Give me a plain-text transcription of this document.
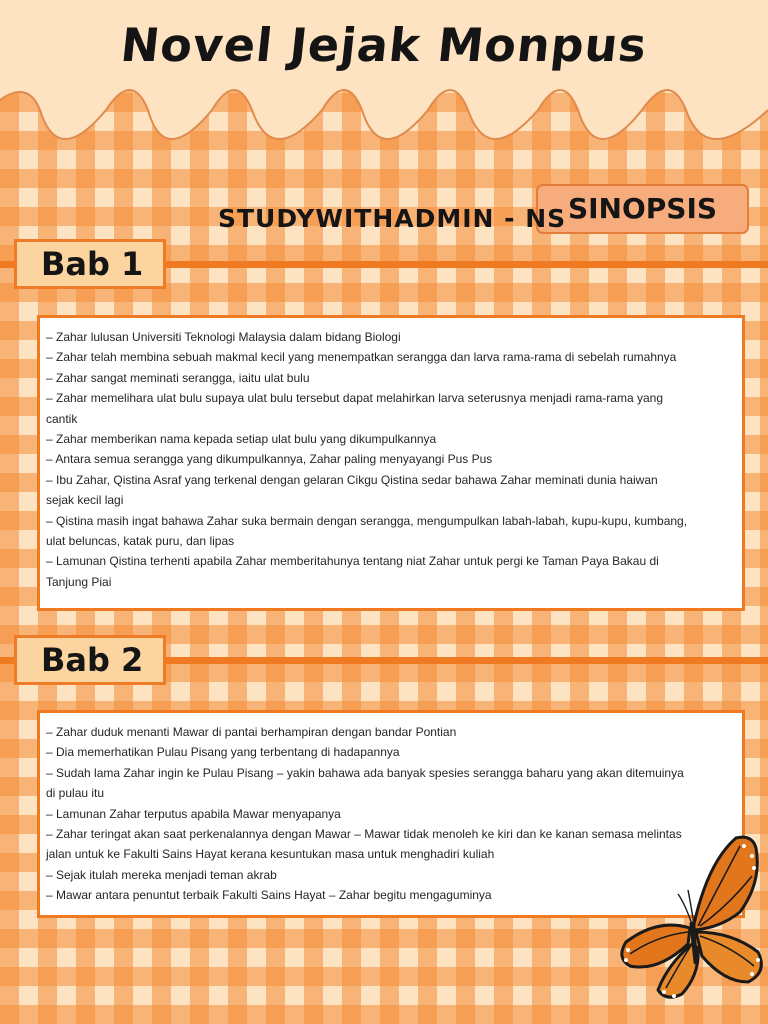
Novel Jejak Monpus
SINOPSIS
STUDYWITHADMIN - NS
Bab 1

– Zahar lulusan Universiti Teknologi Malaysia dalam bidang Biologi

– Zahar telah membina sebuah makmal kecil yang menempatkan serangga dan larva rama-rama di sebelah rumahnya

– Zahar sangat meminati serangga, iaitu ulat bulu

– Zahar memelihara ulat bulu supaya ulat bulu tersebut dapat melahirkan larva seterusnya menjadi rama-rama yang

cantik

– Zahar memberikan nama kepada setiap ulat bulu yang dikumpulkannya

– Antara semua serangga yang dikumpulkannya, Zahar paling menyayangi Pus Pus

– Ibu Zahar, Qistina Asraf yang terkenal dengan gelaran Cikgu Qistina sedar bahawa Zahar meminati dunia haiwan

sejak kecil lagi

– Qistina masih ingat bahawa Zahar suka bermain dengan serangga, mengumpulkan labah-labah, kupu-kupu, kumbang,

ulat beluncas, katak puru, dan lipas

– Lamunan Qistina terhenti apabila Zahar memberitahunya tentang niat Zahar untuk pergi ke Taman Paya Bakau di

Tanjung Piai

Bab 2

– Zahar duduk menanti Mawar di pantai berhampiran dengan bandar Pontian

– Dia memerhatikan Pulau Pisang yang terbentang di hadapannya

– Sudah lama Zahar ingin ke Pulau Pisang – yakin bahawa ada banyak spesies serangga baharu yang akan ditemuinya

di pulau itu

– Lamunan Zahar terputus apabila Mawar menyapanya

– Zahar teringat akan saat perkenalannya dengan Mawar – Mawar tidak menoleh ke kiri dan ke kanan semasa melintas

jalan untuk ke Fakulti Sains Hayat kerana kesuntukan masa untuk menghadiri kuliah

– Sejak itulah mereka menjadi teman akrab

– Mawar antara penuntut terbaik Fakulti Sains Hayat – Zahar begitu mengaguminya
